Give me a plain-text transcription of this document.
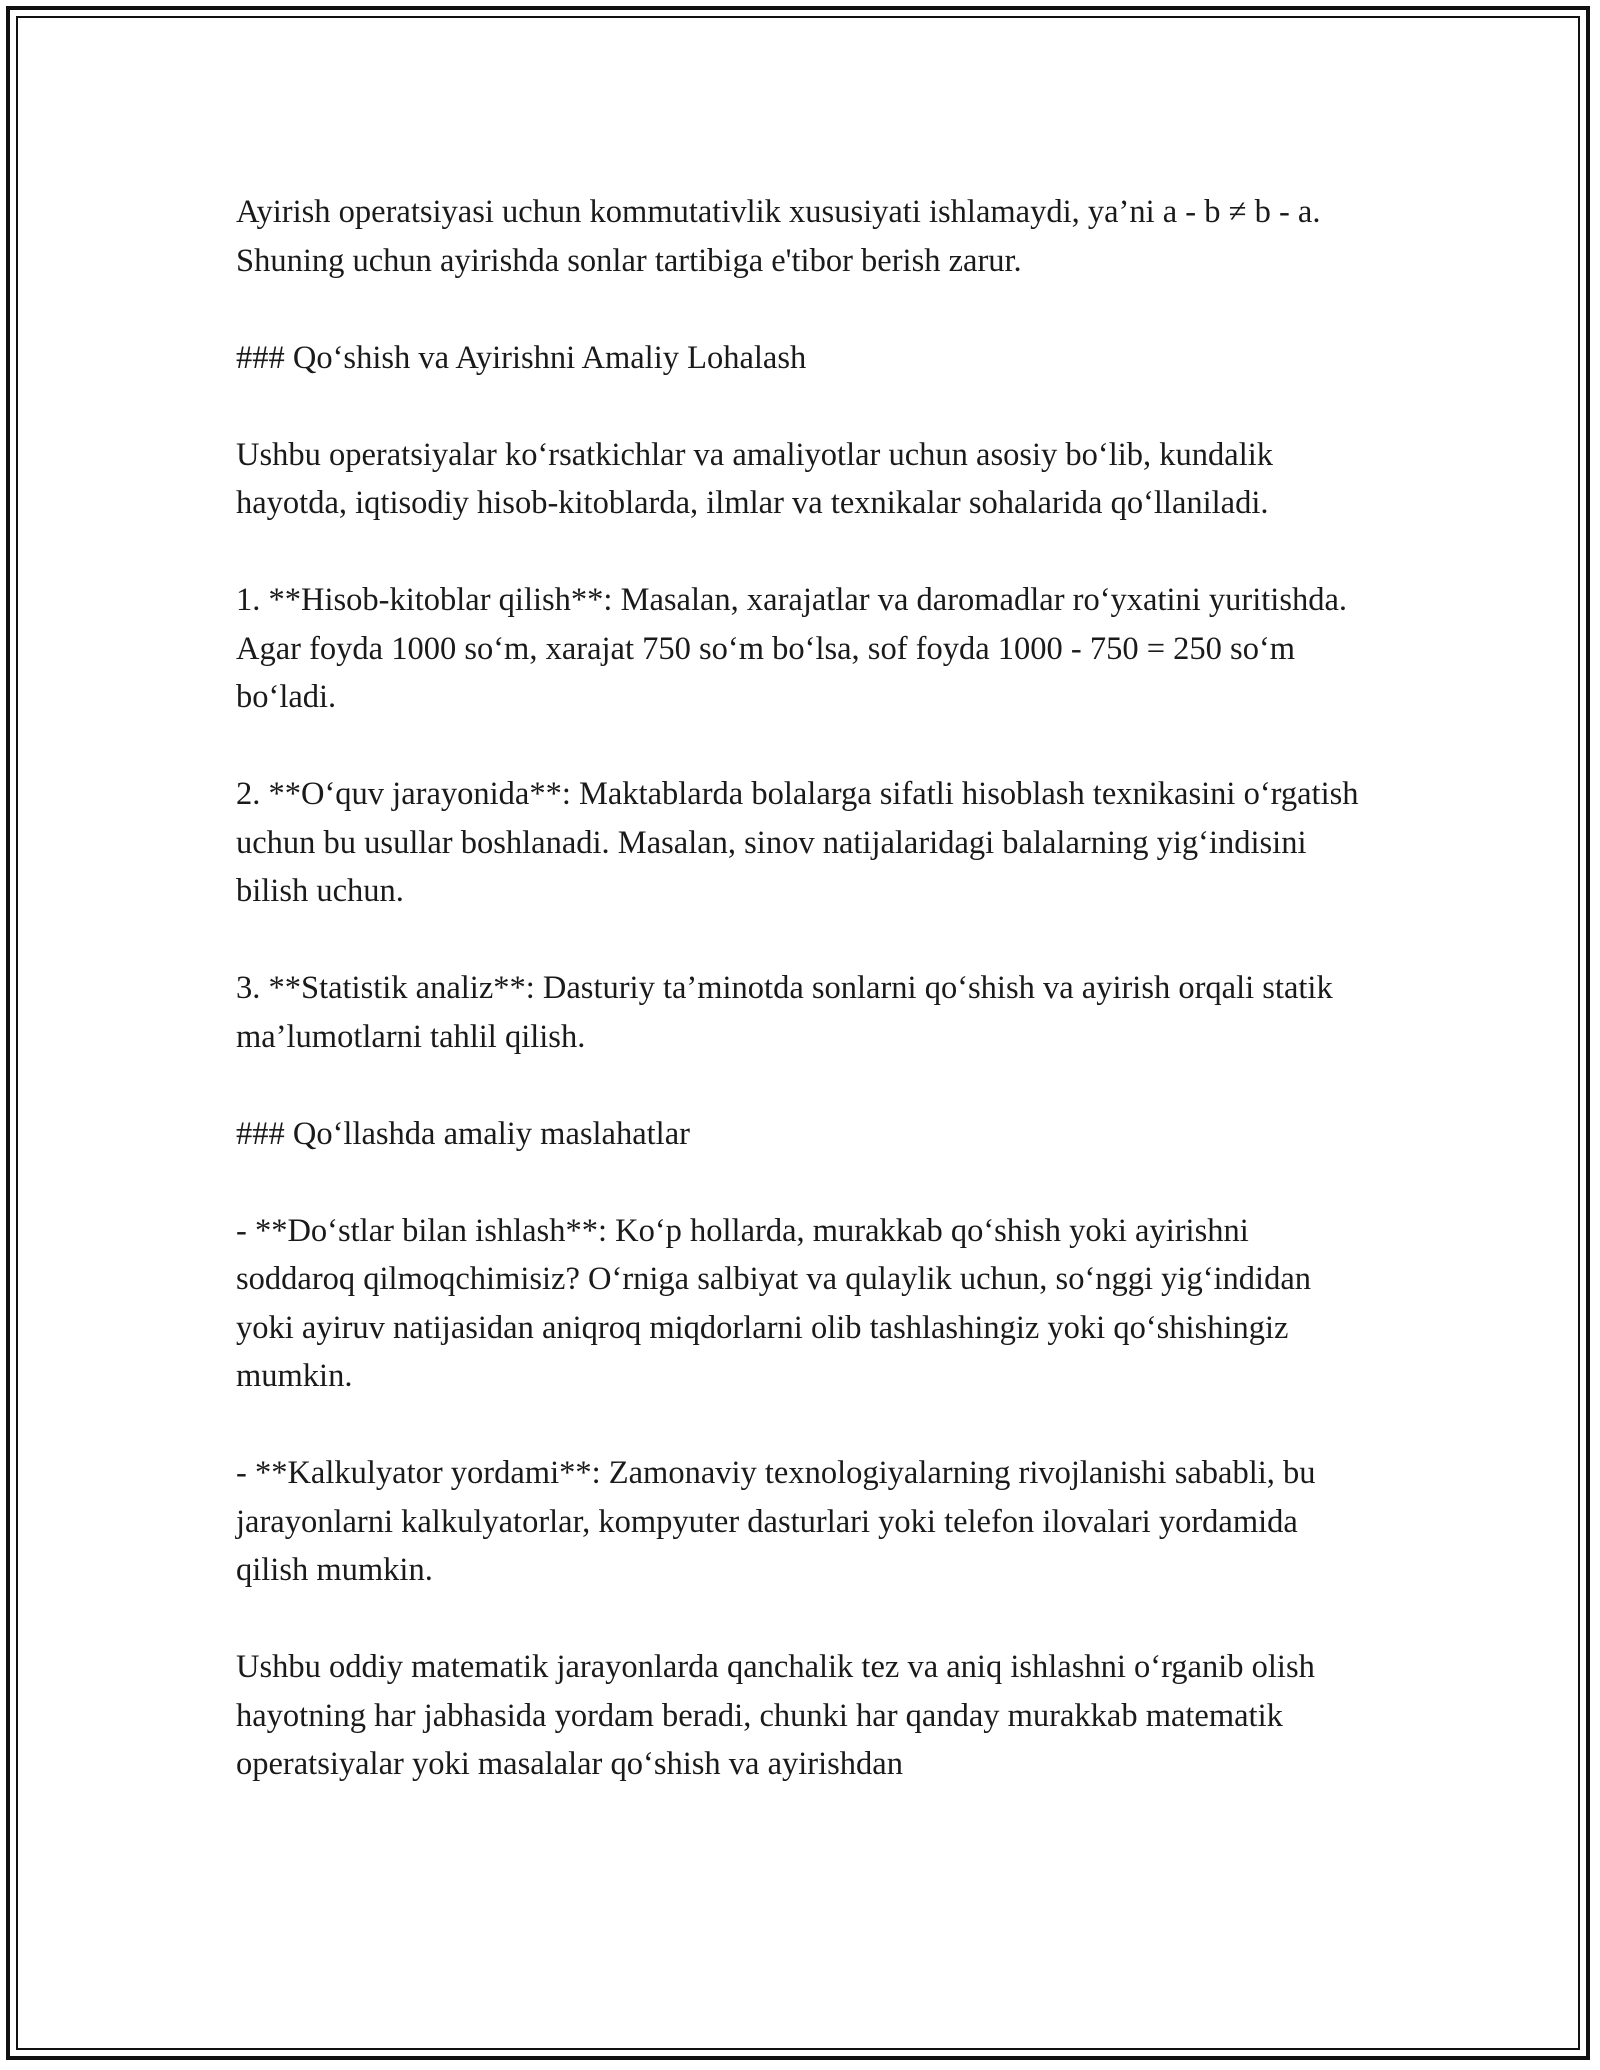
Ayirish operatsiyasi uchun kommutativlik xususiyati ishlamaydi, ya’ni a - b ≠ b - a. Shuning uchun ayirishda sonlar tartibiga e'tibor berish zarur.

### Qo‘shish va Ayirishni Amaliy Lohalash

Ushbu operatsiyalar ko‘rsatkichlar va amaliyotlar uchun asosiy bo‘lib, kundalik hayotda, iqtisodiy hisob-kitoblarda, ilmlar va texnikalar sohalarida qo‘llaniladi.

1. **Hisob-kitoblar qilish**: Masalan, xarajatlar va daromadlar ro‘yxatini yuritishda. Agar foyda 1000 so‘m, xarajat 750 so‘m bo‘lsa, sof foyda 1000 - 750 = 250 so‘m bo‘ladi.

2. **O‘quv jarayonida**: Maktablarda bolalarga sifatli hisoblash texnikasini o‘rgatish uchun bu usullar boshlanadi. Masalan, sinov natijalaridagi balalarning yig‘indisini bilish uchun.

3. **Statistik analiz**: Dasturiy ta’minotda sonlarni qo‘shish va ayirish orqali statik ma’lumotlarni tahlil qilish.

### Qo‘llashda amaliy maslahatlar

- **Do‘stlar bilan ishlash**: Ko‘p hollarda, murakkab qo‘shish yoki ayirishni soddaroq qilmoqchimisiz? O‘rniga salbiyat va qulaylik uchun, so‘nggi yig‘indidan yoki ayiruv natijasidan aniqroq miqdorlarni olib tashlashingiz yoki qo‘shishingiz mumkin.

- **Kalkulyator yordami**: Zamonaviy texnologiyalarning rivojlanishi sababli, bu jarayonlarni kalkulyatorlar, kompyuter dasturlari yoki telefon ilovalari yordamida qilish mumkin.

Ushbu oddiy matematik jarayonlarda qanchalik tez va aniq ishlashni o‘rganib olish hayotning har jabhasida yordam beradi, chunki har qanday murakkab matematik operatsiyalar yoki masalalar qo‘shish va ayirishdan
